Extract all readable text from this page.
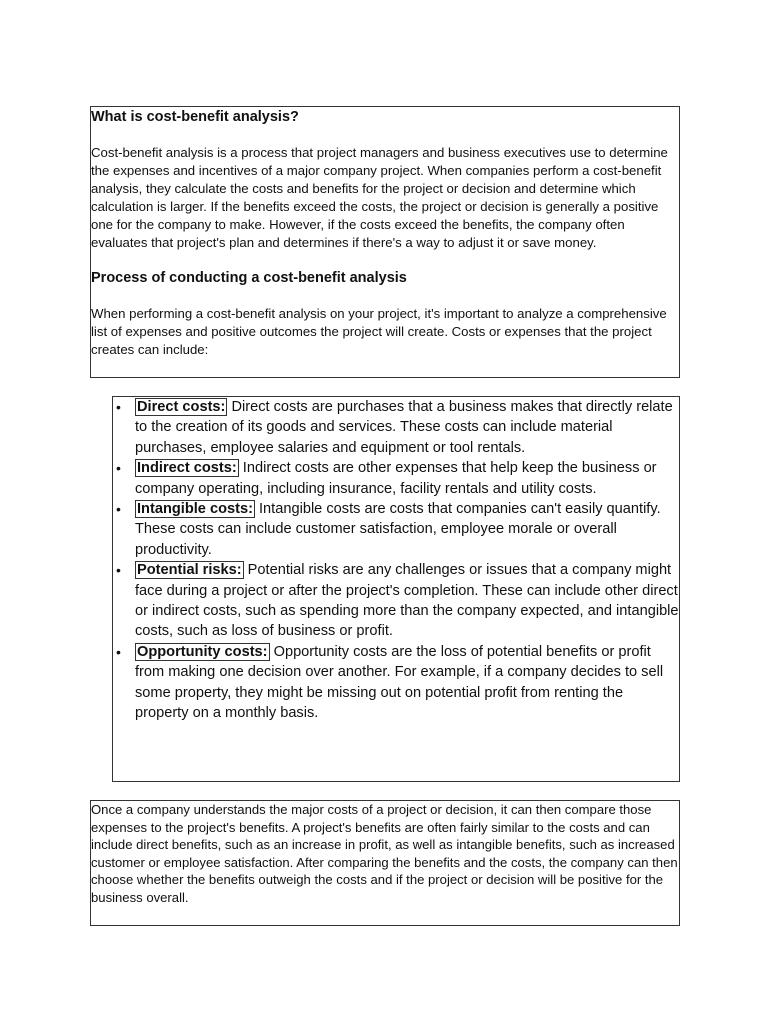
What is cost-benefit analysis?

Cost-benefit analysis is a process that project managers and business executives use to determine the expenses and incentives of a major company project. When companies perform a cost-benefit analysis, they calculate the costs and benefits for the project or decision and determine which calculation is larger. If the benefits exceed the costs, the project or decision is generally a positive one for the company to make. However, if the costs exceed the benefits, the company often evaluates that project's plan and determines if there's a way to adjust it or save money.

Process of conducting a cost-benefit analysis

When performing a cost-benefit analysis on your project, it's important to analyze a comprehensive list of expenses and positive outcomes the project will create. Costs or expenses that the project creates can include:

• Direct costs: Direct costs are purchases that a business makes that directly relate to the creation of its goods and services. These costs can include material purchases, employee salaries and equipment or tool rentals.
• Indirect costs: Indirect costs are other expenses that help keep the business or company operating, including insurance, facility rentals and utility costs.
• Intangible costs: Intangible costs are costs that companies can't easily quantify. These costs can include customer satisfaction, employee morale or overall productivity.
• Potential risks: Potential risks are any challenges or issues that a company might face during a project or after the project's completion. These can include other direct or indirect costs, such as spending more than the company expected, and intangible costs, such as loss of business or profit.
• Opportunity costs: Opportunity costs are the loss of potential benefits or profit from making one decision over another. For example, if a company decides to sell some property, they might be missing out on potential profit from renting the property on a monthly basis.

Once a company understands the major costs of a project or decision, it can then compare those expenses to the project's benefits. A project's benefits are often fairly similar to the costs and can include direct benefits, such as an increase in profit, as well as intangible benefits, such as increased customer or employee satisfaction. After comparing the benefits and the costs, the company can then choose whether the benefits outweigh the costs and if the project or decision will be positive for the business overall.
